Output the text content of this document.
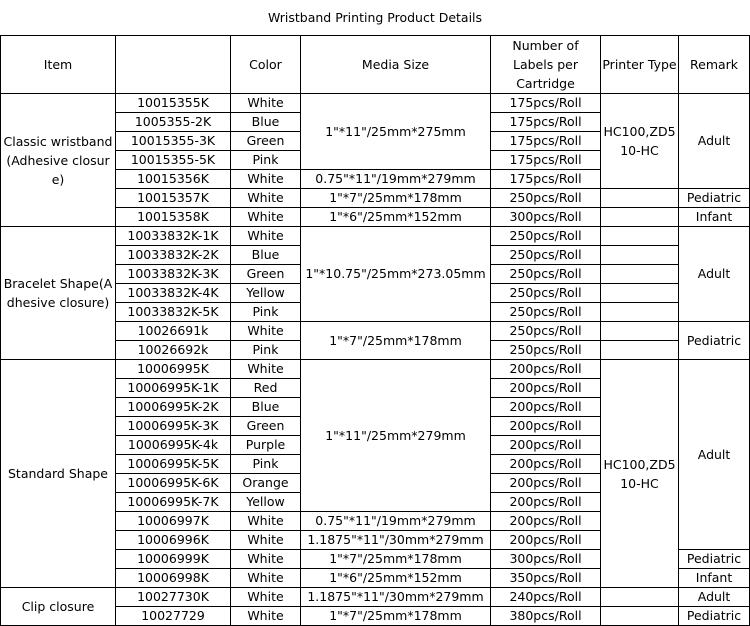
Wristband Printing Product Details						
Item		Color	Media Size	Number of Labels per Cartridge	Printer Type	Remark
Classic wristband(Adhesive closure)	10015355K	White	1"*11"/25mm*275mm	175pcs/Roll	HC100,ZD510-HC	Adult
	1005355-2K	Blue		175pcs/Roll		
	10015355-3K	Green		175pcs/Roll		
	10015355-5K	Pink		175pcs/Roll		
	10015356K	White	0.75"*11"/19mm*279mm	175pcs/Roll		
	10015357K	White	1"*7"/25mm*178mm	250pcs/Roll		Pediatric
	10015358K	White	1"*6"/25mm*152mm	300pcs/Roll		Infant
Bracelet Shape(Adhesive closure)	10033832K-1K	White	1"*10.75"/25mm*273.05mm	250pcs/Roll		Adult
	10033832K-2K	Blue		250pcs/Roll		
	10033832K-3K	Green		250pcs/Roll		
	10033832K-4K	Yellow		250pcs/Roll		
	10033832K-5K	Pink		250pcs/Roll		
	10026691k	White	1"*7"/25mm*178mm	250pcs/Roll		Pediatric
	10026692k	Pink		250pcs/Roll		
Standard Shape	10006995K	White	1"*11"/25mm*279mm	200pcs/Roll	HC100,ZD510-HC	Adult
	10006995K-1K	Red		200pcs/Roll		
	10006995K-2K	Blue		200pcs/Roll		
	10006995K-3K	Green		200pcs/Roll		
	10006995K-4k	Purple		200pcs/Roll		
	10006995K-5K	Pink		200pcs/Roll		
	10006995K-6K	Orange		200pcs/Roll		
	10006995K-7K	Yellow		200pcs/Roll		
	10006997K	White	0.75"*11"/19mm*279mm	200pcs/Roll		
	10006996K	White	1.1875"*11"/30mm*279mm	200pcs/Roll		
	10006999K	White	1"*7"/25mm*178mm	300pcs/Roll		Pediatric
	10006998K	White	1"*6"/25mm*152mm	350pcs/Roll		Infant
Clip closure	10027730K	White	1.1875"*11"/30mm*279mm	240pcs/Roll		Adult
	10027729	White	1"*7"/25mm*178mm	380pcs/Roll		Pediatric
